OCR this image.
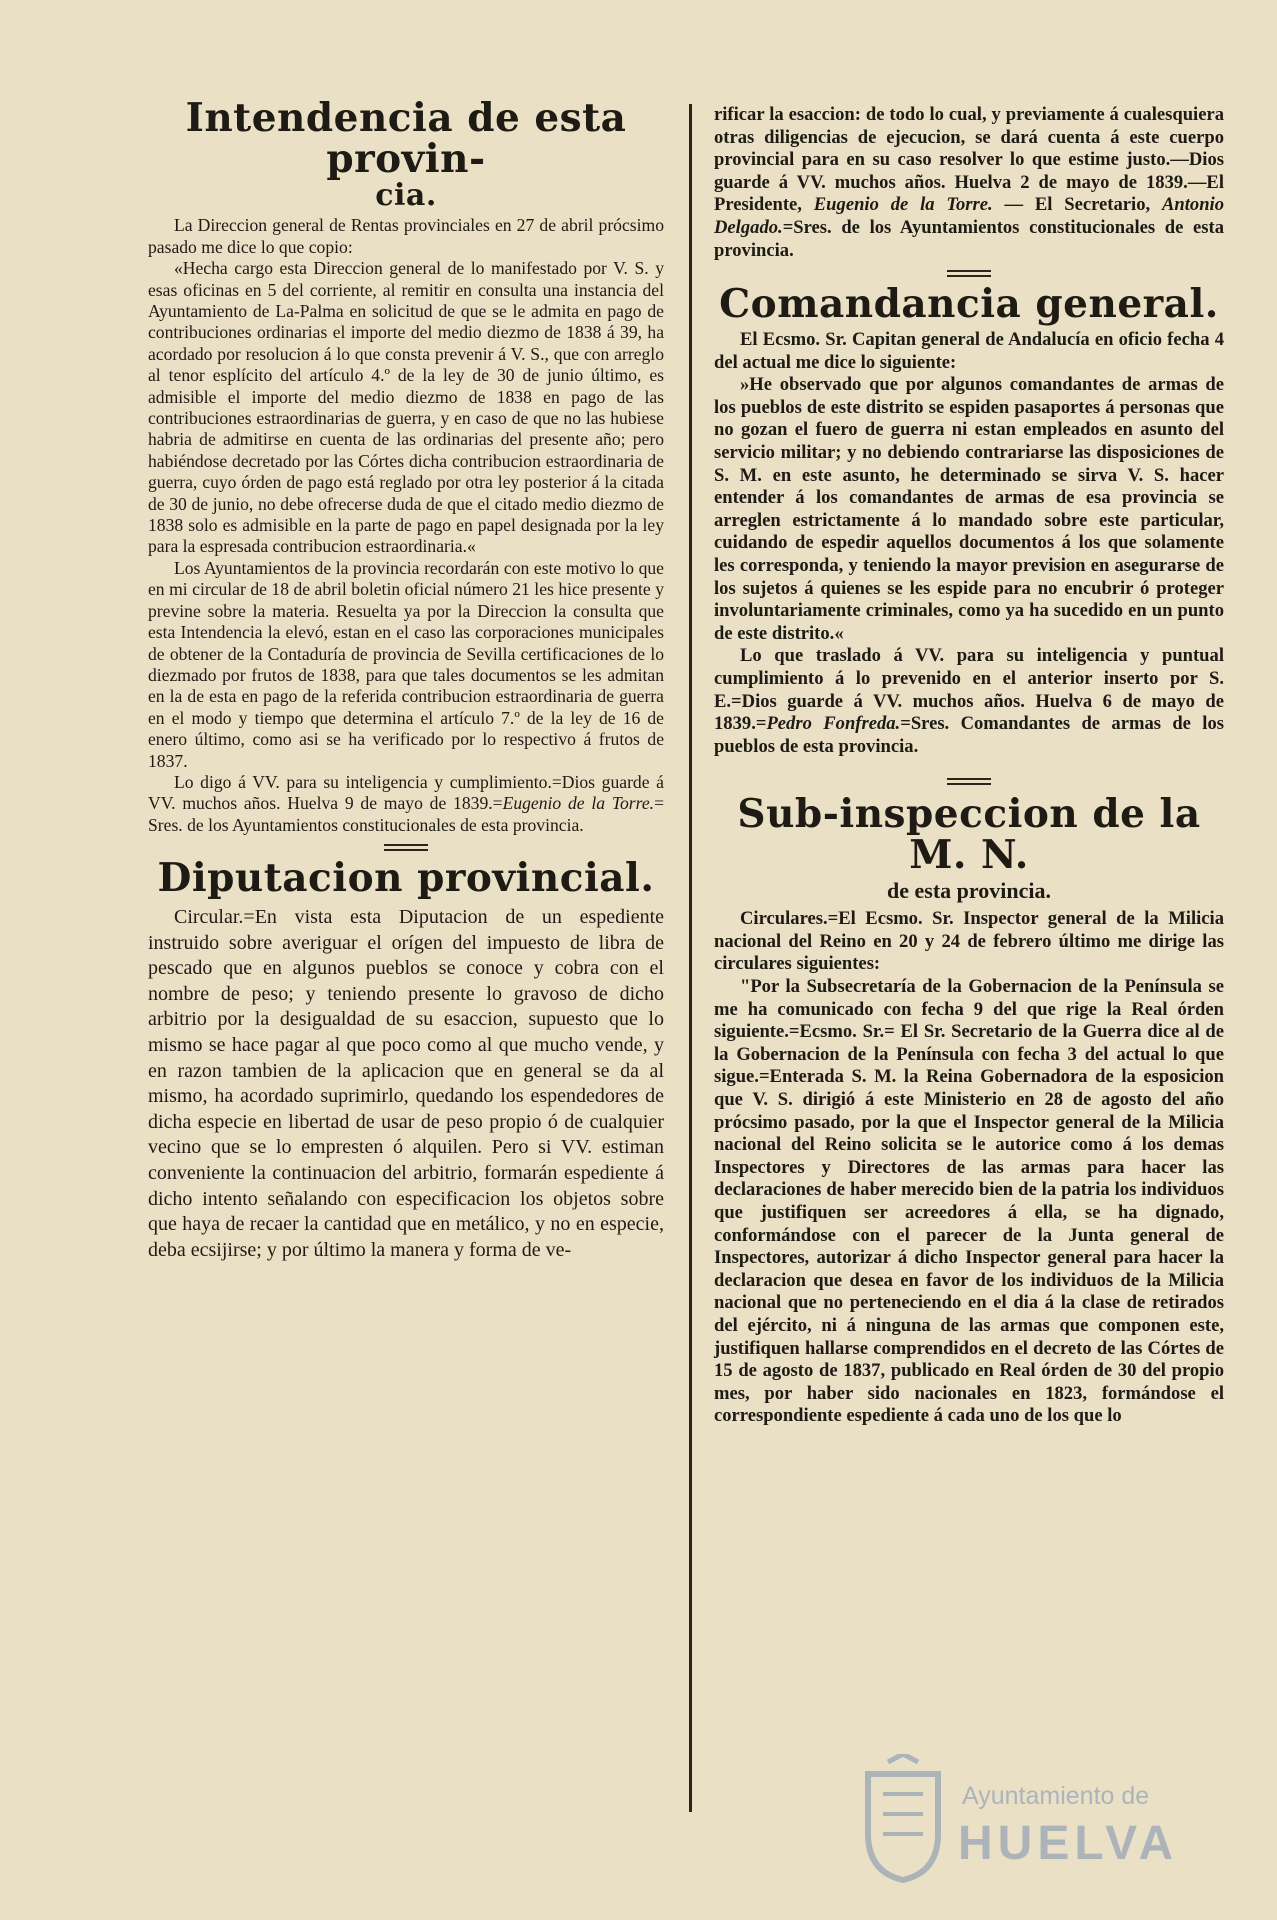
Intendencia de esta provin-
cia.

La Direccion general de Rentas provinciales en 27 de abril prócsimo pasado me dice lo que copio:

«Hecha cargo esta Direccion general de lo manifestado por V. S. y esas oficinas en 5 del corriente, al remitir en consulta una instancia del Ayuntamiento de La-Palma en solicitud de que se le admita en pago de contribuciones ordinarias el importe del medio diezmo de 1838 á 39, ha acordado por resolucion á lo que consta prevenir á V. S., que con arreglo al tenor esplícito del artículo 4.º de la ley de 30 de junio último, es admisible el importe del medio diezmo de 1838 en pago de las contribuciones estraordinarias de guerra, y en caso de que no las hubiese habria de admitirse en cuenta de las ordinarias del presente año; pero habiéndose decretado por las Córtes dicha contribucion estraordinaria de guerra, cuyo órden de pago está reglado por otra ley posterior á la citada de 30 de junio, no debe ofrecerse duda de que el citado medio diezmo de 1838 solo es admisible en la parte de pago en papel designada por la ley para la espresada contribucion estraordinaria.«

Los Ayuntamientos de la provincia recordarán con este motivo lo que en mi circular de 18 de abril boletin oficial número 21 les hice presente y previne sobre la materia. Resuelta ya por la Direccion la consulta que esta Intendencia la elevó, estan en el caso las corporaciones municipales de obtener de la Contaduría de provincia de Sevilla certificaciones de lo diezmado por frutos de 1838, para que tales documentos se les admitan en la de esta en pago de la referida contribucion estraordinaria de guerra en el modo y tiempo que determina el artículo 7.º de la ley de 16 de enero último, como asi se ha verificado por lo respectivo á frutos de 1837.

Lo digo á VV. para su inteligencia y cumplimiento.=Dios guarde á VV. muchos años. Huelva 9 de mayo de 1839.=Eugenio de la Torre.= Sres. de los Ayuntamientos constitucionales de esta provincia.

Diputacion provincial.

Circular.=En vista esta Diputacion de un espediente instruido sobre averiguar el orígen del impuesto de libra de pescado que en algunos pueblos se conoce y cobra con el nombre de peso; y teniendo presente lo gravoso de dicho arbitrio por la desigualdad de su esaccion, supuesto que lo mismo se hace pagar al que poco como al que mucho vende, y en razon tambien de la aplicacion que en general se da al mismo, ha acordado suprimirlo, quedando los espendedores de dicha especie en libertad de usar de peso propio ó de cualquier vecino que se lo empresten ó alquilen. Pero si VV. estiman conveniente la continuacion del arbitrio, formarán espediente á dicho intento señalando con especificacion los objetos sobre que haya de recaer la cantidad que en metálico, y no en especie, deba ecsijirse; y por último la manera y forma de ve-

rificar la esaccion: de todo lo cual, y previamente á cualesquiera otras diligencias de ejecucion, se dará cuenta á este cuerpo provincial para en su caso resolver lo que estime justo.—Dios guarde á VV. muchos años. Huelva 2 de mayo de 1839.—El Presidente, Eugenio de la Torre. — El Secretario, Antonio Delgado.=Sres. de los Ayuntamientos constitucionales de esta provincia.

Comandancia general.

El Ecsmo. Sr. Capitan general de Andalucía en oficio fecha 4 del actual me dice lo siguiente:

»He observado que por algunos comandantes de armas de los pueblos de este distrito se espiden pasaportes á personas que no gozan el fuero de guerra ni estan empleados en asunto del servicio militar; y no debiendo contrariarse las disposiciones de S. M. en este asunto, he determinado se sirva V. S. hacer entender á los comandantes de armas de esa provincia se arreglen estrictamente á lo mandado sobre este particular, cuidando de espedir aquellos documentos á los que solamente les corresponda, y teniendo la mayor prevision en asegurarse de los sujetos á quienes se les espide para no encubrir ó proteger involuntariamente criminales, como ya ha sucedido en un punto de este distrito.«

Lo que traslado á VV. para su inteligencia y puntual cumplimiento á lo prevenido en el anterior inserto por S. E.=Dios guarde á VV. muchos años. Huelva 6 de mayo de 1839.=Pedro Fonfreda.=Sres. Comandantes de armas de los pueblos de esta provincia.

Sub-inspeccion de la M. N.
de esta provincia.

Circulares.=El Ecsmo. Sr. Inspector general de la Milicia nacional del Reino en 20 y 24 de febrero último me dirige las circulares siguientes:

"Por la Subsecretaría de la Gobernacion de la Península se me ha comunicado con fecha 9 del que rige la Real órden siguiente.=Ecsmo. Sr.= El Sr. Secretario de la Guerra dice al de la Gobernacion de la Península con fecha 3 del actual lo que sigue.=Enterada S. M. la Reina Gobernadora de la esposicion que V. S. dirigió á este Ministerio en 28 de agosto del año prócsimo pasado, por la que el Inspector general de la Milicia nacional del Reino solicita se le autorice como á los demas Inspectores y Directores de las armas para hacer las declaraciones de haber merecido bien de la patria los individuos que justifiquen ser acreedores á ella, se ha dignado, conformándose con el parecer de la Junta general de Inspectores, autorizar á dicho Inspector general para hacer la declaracion que desea en favor de los individuos de la Milicia nacional que no perteneciendo en el dia á la clase de retirados del ejército, ni á ninguna de las armas que componen este, justifiquen hallarse comprendidos en el decreto de las Córtes de 15 de agosto de 1837, publicado en Real órden de 30 del propio mes, por haber sido nacionales en 1823, formándose el correspondiente espediente á cada uno de los que lo

Ayuntamiento de
HUELVA
